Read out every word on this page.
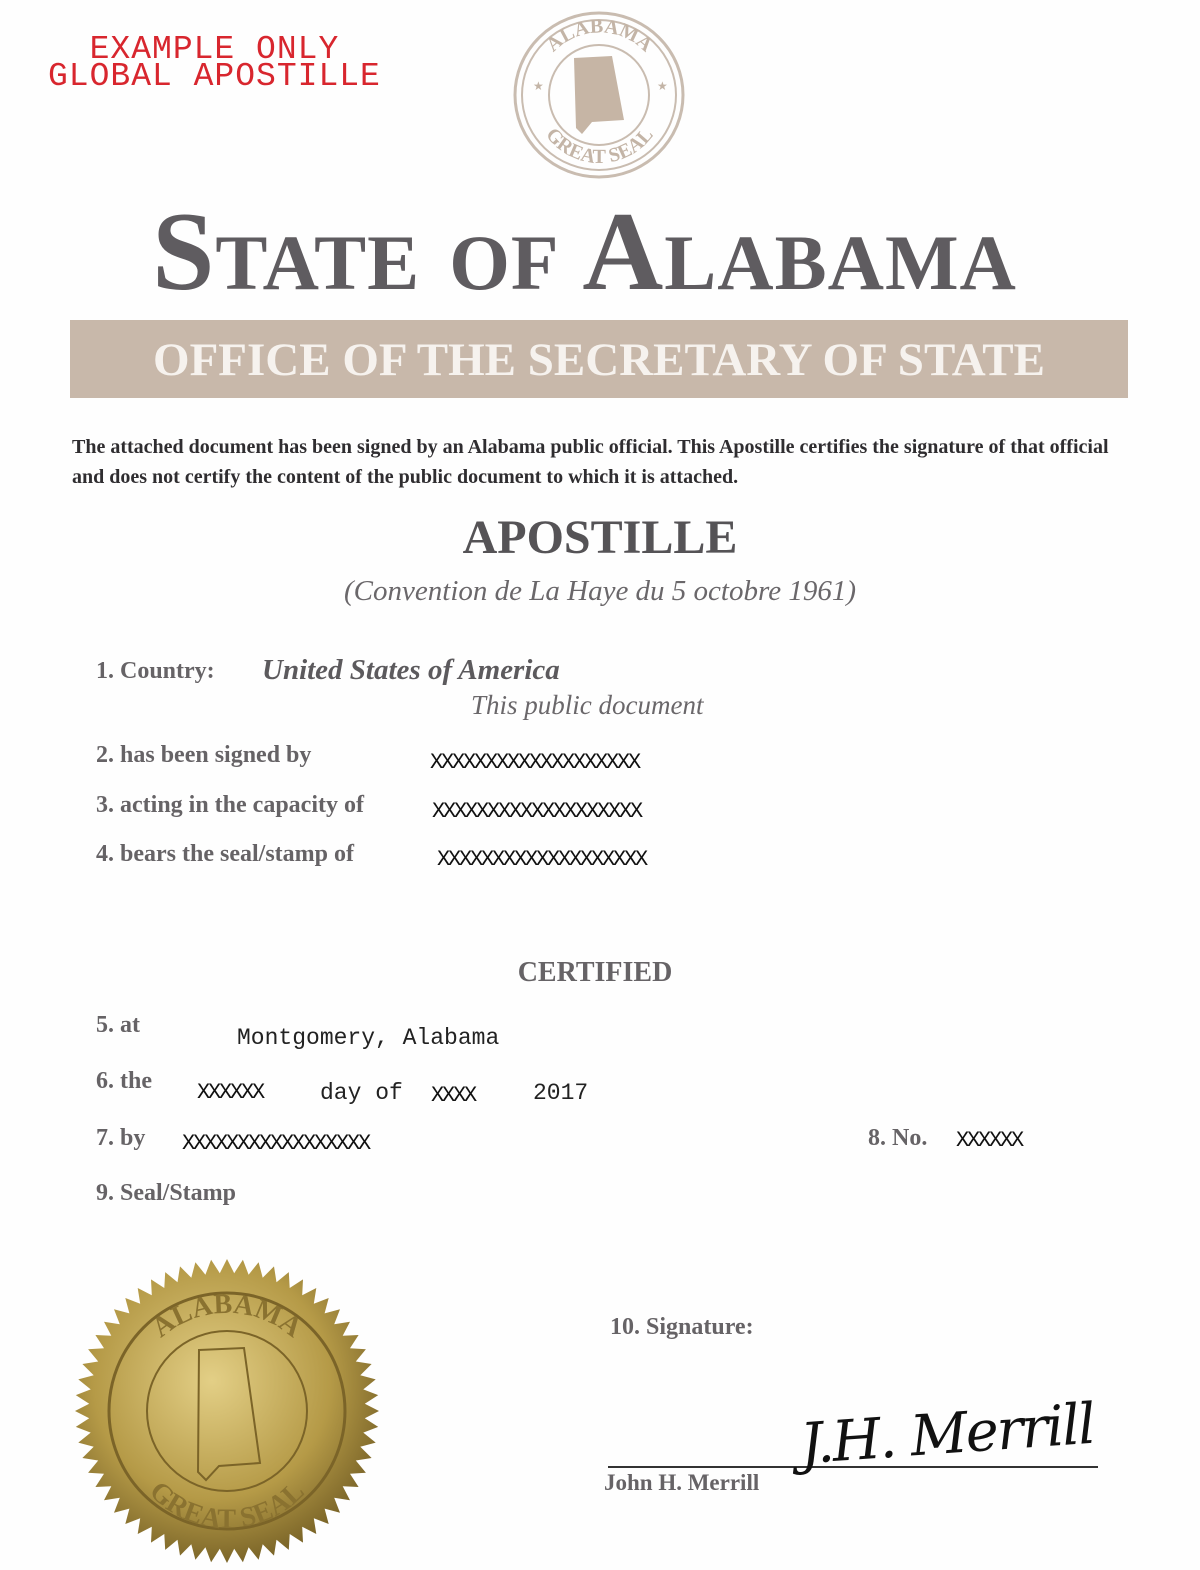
EXAMPLE ONLY
GLOBAL APOSTILLE
ALABAMA
GREAT SEAL
★	★
State of Alabama
OFFICE OF THE SECRETARY OF STATE
The attached document has been signed by an Alabama public official. This Apostille certifies the signature of that official and does not certify the content of the public document to which it is attached.
APOSTILLE
(Convention de La Haye du 5 octobre 1961)
1. Country: United States of America
This public document
2. has been signed by	XXXXXXXXXXXXXXXXXXX
3. acting in the capacity of	XXXXXXXXXXXXXXXXXXX
4. bears the seal/stamp of	XXXXXXXXXXXXXXXXXXX
CERTIFIED
5. at	Montgomery, Alabama
6. the XXXXXX day of XXXX	2017
7. by XXXXXXXXXXXXXXXXX	8. No. XXXXXX
9. Seal/Stamp
ALABAMA
GREAT SEAL
10. Signature:
John H. Merrill
J.H. Merrill
